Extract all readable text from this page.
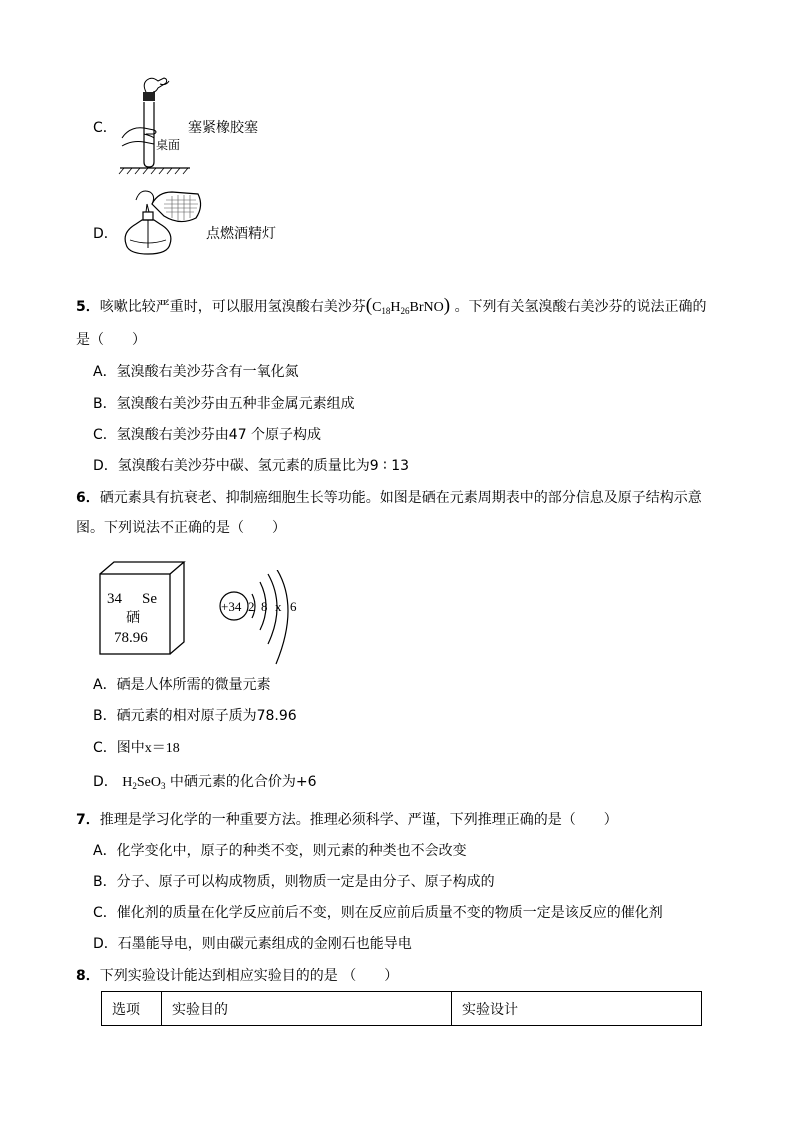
C．
桌面
塞紧橡胶塞
D．	点燃酒精灯
5．咳嗽比较严重时，可以服用氢溴酸右美沙芬$(C_{18}H_{26}BrNO)$ 。下列有关氢溴酸右美沙芬的说法正确的
是（　　）
A．氢溴酸右美沙芬含有一氧化氮
B．氢溴酸右美沙芬由五种非金属元素组成
C．氢溴酸右美沙芬由47 个原子构成
D．氢溴酸右美沙芬中碳、氢元素的质量比为9 ∶ 13
6．硒元素具有抗衰老、抑制癌细胞生长等功能。如图是硒在元素周期表中的部分信息及原子结构示意
图。下列说法不正确的是（　　）
34 Se
硒
78.96
+34 2 8 x 6
A．硒是人体所需的微量元素
B．硒元素的相对原子质为78.96
C．图中x＝18
D． $H_2SeO_3$ 中硒元素的化合价为+6
7．推理是学习化学的一种重要方法。推理必须科学、严谨，下列推理正确的是（　　）
A．化学变化中，原子的种类不变，则元素的种类也不会改变
B．分子、原子可以构成物质，则物质一定是由分子、原子构成的
C．催化剂的质量在化学反应前后不变，则在反应前后质量不变的物质一定是该反应的催化剂
D．石墨能导电，则由碳元素组成的金刚石也能导电
8．下列实验设计能达到相应实验目的的是 （　　）
选项	实验目的	实验设计
